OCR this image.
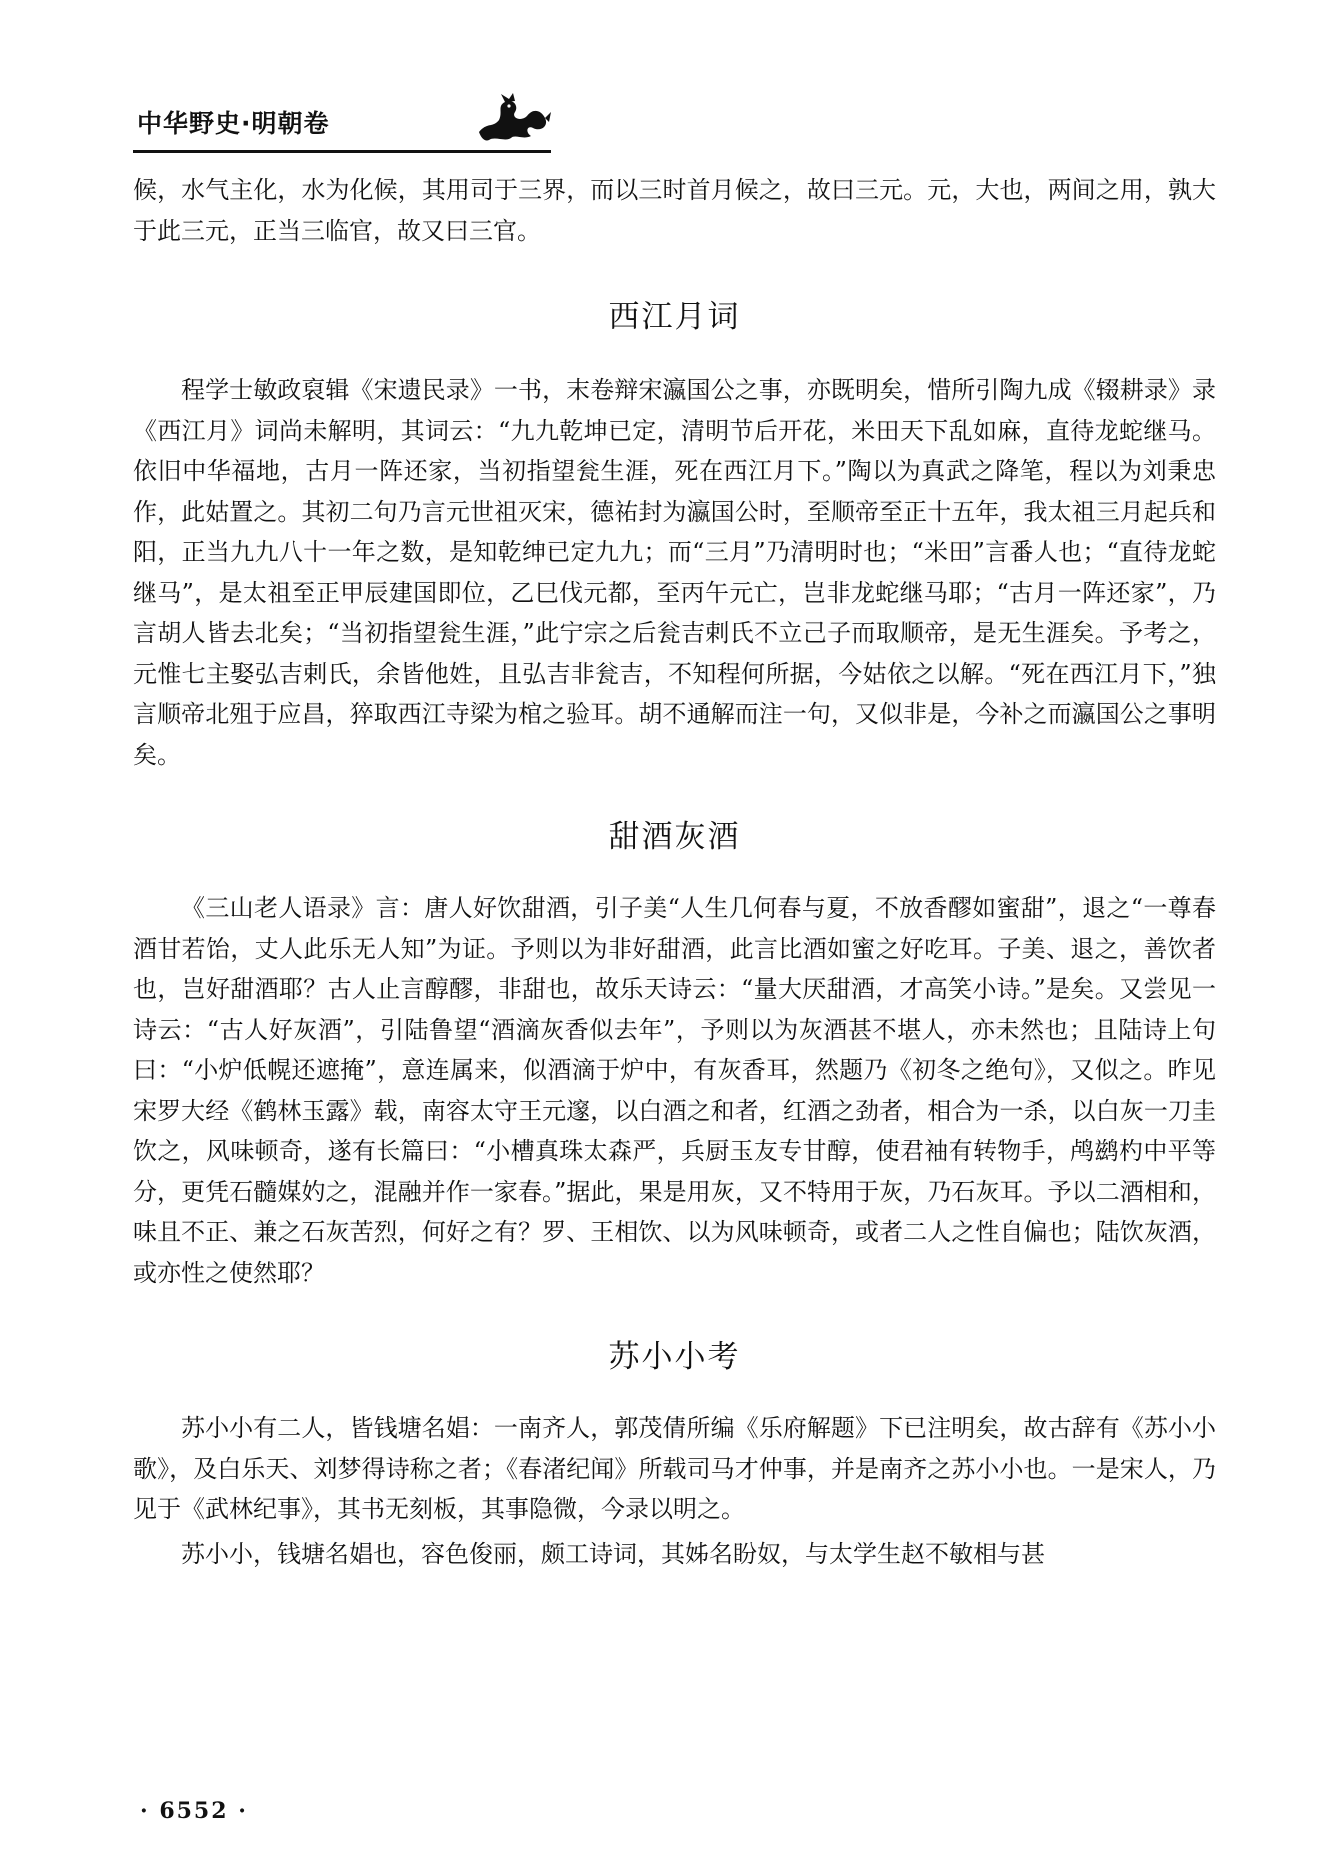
中华野史·明朝卷

候，水气主化，水为化候，其用司于三界，而以三时首月候之，故曰三元。元，大也，两间之用，孰大于此三元，正当三临官，故又曰三官。

西江月词

程学士敏政裒辑《宋遗民录》一书，末卷辩宋瀛国公之事，亦既明矣，惜所引陶九成《辍耕录》录《西江月》词尚未解明，其词云：“九九乾坤已定，清明节后开花，米田天下乱如麻，直待龙蛇继马。依旧中华福地，古月一阵还家，当初指望瓮生涯，死在西江月下。”陶以为真武之降笔，程以为刘秉忠作，此姑置之。其初二句乃言元世祖灭宋，德祐封为瀛国公时，至顺帝至正十五年，我太祖三月起兵和阳，正当九九八十一年之数，是知乾绅已定九九；而“三月”乃清明时也；“米田”言番人也；“直待龙蛇继马”，是太祖至正甲辰建国即位，乙巳伐元都，至丙午元亡，岂非龙蛇继马耶；“古月一阵还家”，乃言胡人皆去北矣；“当初指望瓮生涯，”此宁宗之后瓮吉剌氏不立己子而取顺帝，是无生涯矣。予考之，元惟七主娶弘吉剌氏，余皆他姓，且弘吉非瓮吉，不知程何所据，今姑依之以解。“死在西江月下，”独言顺帝北殂于应昌，猝取西江寺梁为棺之验耳。胡不通解而注一句，又似非是，今补之而瀛国公之事明矣。

甜酒灰酒

《三山老人语录》言：唐人好饮甜酒，引子美“人生几何春与夏，不放香醪如蜜甜”，退之“一尊春酒甘若饴，丈人此乐无人知”为证。予则以为非好甜酒，此言比酒如蜜之好吃耳。子美、退之，善饮者也，岂好甜酒耶？古人止言醇醪，非甜也，故乐天诗云：“量大厌甜酒，才高笑小诗。”是矣。又尝见一诗云：“古人好灰酒”，引陆鲁望“酒滴灰香似去年”，予则以为灰酒甚不堪人，亦未然也；且陆诗上句曰：“小炉低幌还遮掩”，意连属来，似酒滴于炉中，有灰香耳，然题乃《初冬之绝句》，又似之。昨见宋罗大经《鹤林玉露》载，南容太守王元邃，以白酒之和者，红酒之劲者，相合为一杀，以白灰一刀圭饮之，风味顿奇，遂有长篇曰：“小槽真珠太森严，兵厨玉友专甘醇，使君袖有转物手，鸬鹚杓中平等分，更凭石髓媒妁之，混融并作一家春。”据此，果是用灰，又不特用于灰，乃石灰耳。予以二酒相和，味且不正、兼之石灰苦烈，何好之有？罗、王相饮、以为风味顿奇，或者二人之性自偏也；陆饮灰酒，或亦性之使然耶？

苏小小考

苏小小有二人，皆钱塘名娼：一南齐人，郭茂倩所编《乐府解题》下已注明矣，故古辞有《苏小小歌》，及白乐天、刘梦得诗称之者；《春渚纪闻》所载司马才仲事，并是南齐之苏小小也。一是宋人，乃见于《武林纪事》，其书无刻板，其事隐微，今录以明之。

苏小小，钱塘名娼也，容色俊丽，颇工诗词，其姊名盼奴，与太学生赵不敏相与甚

· 6552 ·
